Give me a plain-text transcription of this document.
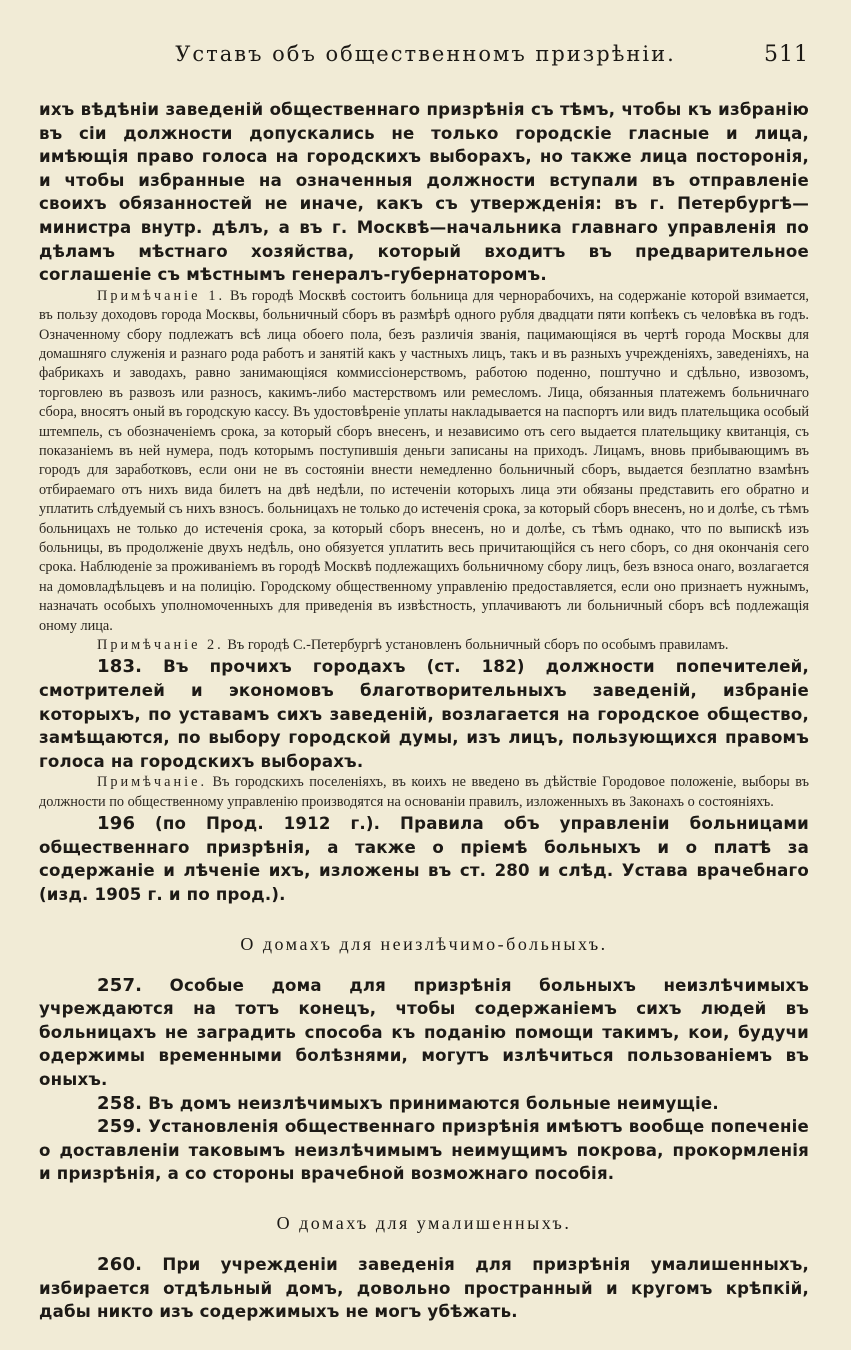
Уставъ объ общественномъ призрѣніи.	511

ихъ вѣдѣніи заведеній общественнаго призрѣнія съ тѣмъ, чтобы къ избранію въ сіи должности допускались не только городскіе гласные и лица, имѣющія право голоса на городскихъ выборахъ, но также лица посторонія, и чтобы избранные на означенныя должности вступали въ отправленіе своихъ обязанностей не иначе, какъ съ утвержденія: въ г. Петербургѣ—министра внутр. дѣлъ, а въ г. Москвѣ—начальника главнаго управленія по дѣламъ мѣстнаго хозяйства, который входитъ въ предварительное соглашеніе съ мѣстнымъ генералъ-губернаторомъ.

Примѣчаніе 1. Въ городѣ Москвѣ состоитъ больница для чернорабочихъ, на содержаніе которой взимается, въ пользу доходовъ города Москвы, больничный сборъ въ размѣрѣ одного рубля двадцати пяти копѣекъ съ человѣка въ годъ. Означенному сбору подлежатъ всѣ лица обоего пола, безъ различія званія, пацимающіяся въ чертѣ города Москвы для домашняго служенія и разнаго рода работъ и занятій какъ у частныхъ лицъ, такъ и въ разныхъ учрежденіяхъ, заведеніяхъ, на фабрикахъ и заводахъ, равно занимающіяся коммиссіонерствомъ, работою поденно, поштучно и сдѣльно, извозомъ, торговлею въ развозъ или разносъ, какимъ-либо мастерствомъ или ремесломъ. Лица, обязанныя платежемъ больничнаго сбора, вносятъ оный въ городскую кассу. Въ удостовѣреніе уплаты накладывается на паспортъ или видъ плательщика особый штемпель, съ обозначеніемъ срока, за который сборъ внесенъ, и независимо отъ сего выдается плательщику квитанція, съ показаніемъ въ ней нумера, подъ которымъ поступившія деньги записаны на приходъ. Лицамъ, вновь прибывающимъ въ городъ для заработковъ, если они не въ состояніи внести немедленно больничный сборъ, выдается безплатно взамѣнъ отбираемаго отъ нихъ вида билетъ на двѣ недѣли, по истеченіи которыхъ лица эти обязаны представить его обратно и уплатить слѣдуемый съ нихъ взносъ. больницахъ не только до истеченія срока, за который сборъ внесенъ, но и долѣе, съ тѣмъ больницахъ не только до истеченія срока, за который сборъ внесенъ, но и долѣе, съ тѣмъ однако, что по выпискѣ изъ больницы, въ продолженіе двухъ недѣль, оно обязуется уплатить весь причитающійся съ него сборъ, со дня окончанія сего срока. Наблюденіе за проживаніемъ въ городѣ Москвѣ подлежащихъ больничному сбору лицъ, безъ взноса онаго, возлагается на домовладѣльцевъ и на полицію. Городскому общественному управленію предоставляется, если оно признаетъ нужнымъ, назначать особыхъ уполномоченныхъ для приведенія въ извѣстность, уплачиваютъ ли больничный сборъ всѣ подлежащія оному лица.

Примѣчаніе 2. Въ городѣ С.-Петербургѣ установленъ больничный сборъ по особымъ правиламъ.

183. Въ прочихъ городахъ (ст. 182) должности попечителей, смотрителей и экономовъ благотворительныхъ заведеній, избраніе которыхъ, по уставамъ сихъ заведеній, возлагается на городское общество, замѣщаются, по выбору городской думы, изъ лицъ, пользующихся правомъ голоса на городскихъ выборахъ.

Примѣчаніе. Въ городскихъ поселеніяхъ, въ коихъ не введено въ дѣйствіе Городовое положеніе, выборы въ должности по общественному управленію производятся на основаніи правилъ, изложенныхъ въ Законахъ о состояніяхъ.

196 (по Прод. 1912 г.). Правила объ управленіи больницами общественнаго призрѣнія, а также о пріемѣ больныхъ и о платѣ за содержаніе и лѣченіе ихъ, изложены въ ст. 280 и слѣд. Устава врачебнаго (изд. 1905 г. и по прод.).

О домахъ для неизлѣчимо-больныхъ.

257. Особые дома для призрѣнія больныхъ неизлѣчимыхъ учреждаются на тотъ конецъ, чтобы содержаніемъ сихъ людей въ больницахъ не заградить способа къ поданію помощи такимъ, кои, будучи одержимы временными болѣзнями, могутъ излѣчиться пользованіемъ въ оныхъ.

258. Въ домъ неизлѣчимыхъ принимаются больные неимущіе.

259. Установленія общественнаго призрѣнія имѣютъ вообще попеченіе о доставленіи таковымъ неизлѣчимымъ неимущимъ покрова, прокормленія и призрѣнія, а со стороны врачебной возможнаго пособія.

О домахъ для умалишенныхъ.

260. При учрежденіи заведенія для призрѣнія умалишенныхъ, избирается отдѣльный домъ, довольно пространный и кругомъ крѣпкій, дабы никто изъ содержимыхъ не могъ убѣжать.
